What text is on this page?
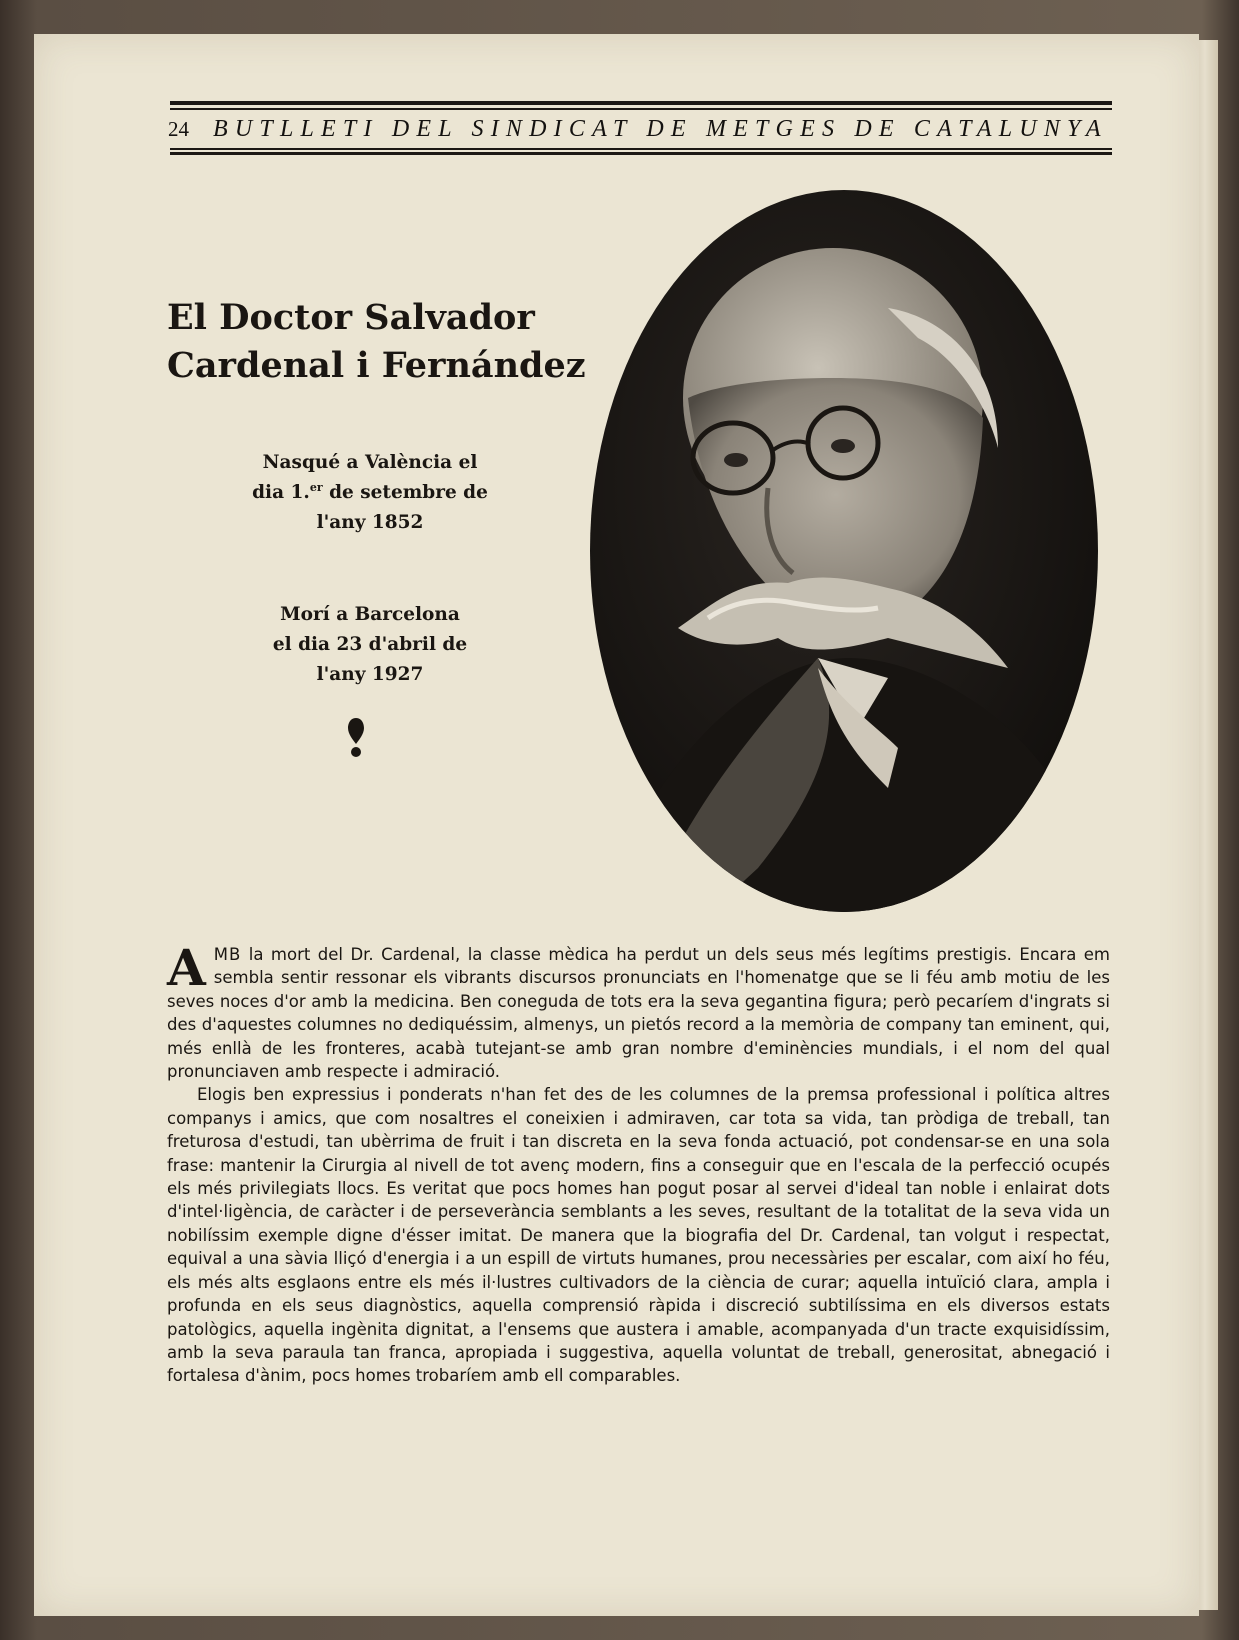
24 BUTLLETI DEL SINDICAT DE METGES DE CATALUNYA
El Doctor Salvador
Cardenal i Fernández
Nasqué a València el
dia 1.$^{er}$ de setembre de
l'any 1852
Morí a Barcelona
el dia 23 d'abril de
l'any 1927

AMB la mort del Dr. Cardenal, la classe mèdica ha perdut un dels seus més legítims prestigis. Encara em sembla sentir ressonar els vibrants discursos pronunciats en l'homenatge que se li féu amb motiu de les seves noces d'or amb la medicina. Ben coneguda de tots era la seva gegantina figura; però pecaríem d'ingrats si des d'aquestes columnes no dediquéssim, almenys, un pietós record a la memòria de company tan eminent, qui, més enllà de les fronteres, acabà tutejant-se amb gran nombre d'eminències mundials, i el nom del qual pronunciaven amb respecte i admiració.

Elogis ben expressius i ponderats n'han fet des de les columnes de la premsa professional i política altres companys i amics, que com nosaltres el coneixien i admiraven, car tota sa vida, tan pròdiga de treball, tan freturosa d'estudi, tan ubèrrima de fruit i tan discreta en la seva fonda actuació, pot condensar-se en una sola frase: mantenir la Cirurgia al nivell de tot avenç modern, fins a conseguir que en l'escala de la perfecció ocupés els més privilegiats llocs. Es veritat que pocs homes han pogut posar al servei d'ideal tan noble i enlairat dots d'intel·ligència, de caràcter i de perseverància semblants a les seves, resultant de la totalitat de la seva vida un nobilíssim exemple digne d'ésser imitat. De manera que la biografia del Dr. Cardenal, tan volgut i respectat, equival a una sàvia lliçó d'energia i a un espill de virtuts humanes, prou necessàries per escalar, com així ho féu, els més alts esglaons entre els més il·lustres cultivadors de la ciència de curar; aquella intuïció clara, ampla i profunda en els seus diagnòstics, aquella comprensió ràpida i discreció subtilíssima en els diversos estats patològics, aquella ingènita dignitat, a l'ensems que austera i amable, acompanyada d'un tracte exquisidíssim, amb la seva paraula tan franca, apropiada i suggestiva, aquella voluntat de treball, generositat, abnegació i fortalesa d'ànim, pocs homes trobaríem amb ell comparables.
